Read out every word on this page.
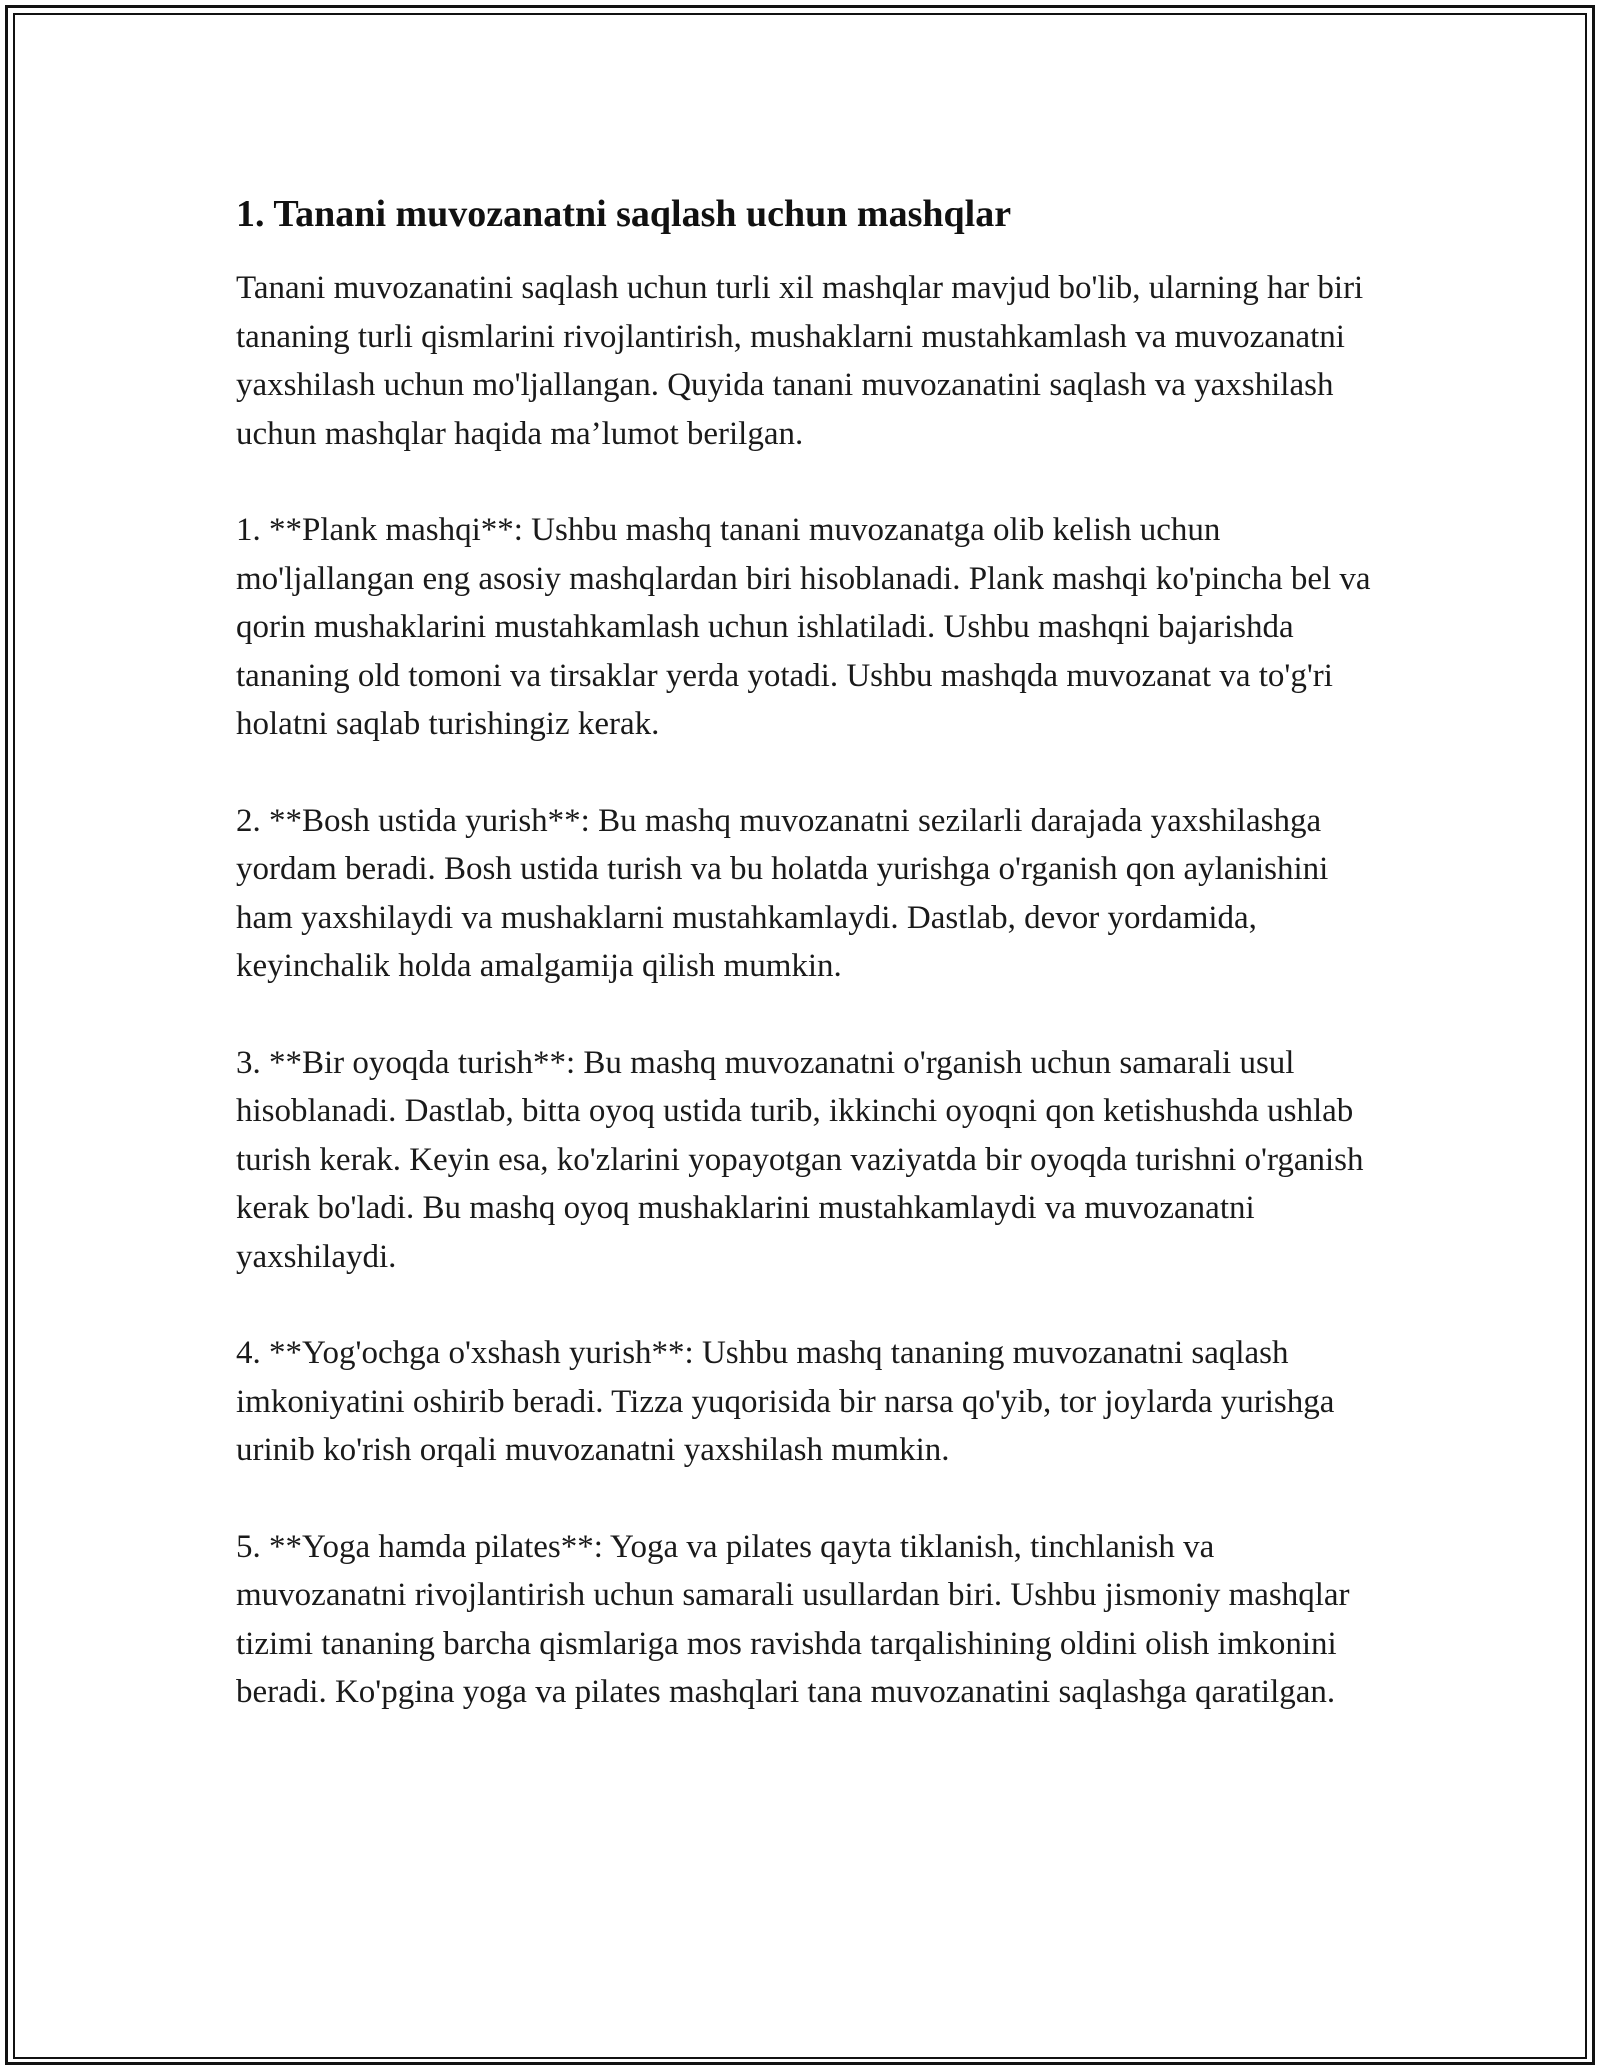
1. Tanani muvozanatni saqlash uchun mashqlar

Tanani muvozanatini saqlash uchun turli xil mashqlar mavjud bo'lib, ularning har biri tananing turli qismlarini rivojlantirish, mushaklarni mustahkamlash va muvozanatni yaxshilash uchun mo'ljallangan. Quyida tanani muvozanatini saqlash va yaxshilash uchun mashqlar haqida ma’lumot berilgan.

1. **Plank mashqi**: Ushbu mashq tanani muvozanatga olib kelish uchun mo'ljallangan eng asosiy mashqlardan biri hisoblanadi. Plank mashqi ko'pincha bel va qorin mushaklarini mustahkamlash uchun ishlatiladi. Ushbu mashqni bajarishda tananing old tomoni va tirsaklar yerda yotadi. Ushbu mashqda muvozanat va to'g'ri holatni saqlab turishingiz kerak.

2. **Bosh ustida yurish**: Bu mashq muvozanatni sezilarli darajada yaxshilashga yordam beradi. Bosh ustida turish va bu holatda yurishga o'rganish qon aylanishini ham yaxshilaydi va mushaklarni mustahkamlaydi. Dastlab, devor yordamida, keyinchalik holda amalgamija qilish mumkin.

3. **Bir oyoqda turish**: Bu mashq muvozanatni o'rganish uchun samarali usul hisoblanadi. Dastlab, bitta oyoq ustida turib, ikkinchi oyoqni qon ketishushda ushlab turish kerak. Keyin esa, ko'zlarini yopayotgan vaziyatda bir oyoqda turishni o'rganish kerak bo'ladi. Bu mashq oyoq mushaklarini mustahkamlaydi va muvozanatni yaxshilaydi.

4. **Yog'ochga o'xshash yurish**: Ushbu mashq tananing muvozanatni saqlash imkoniyatini oshirib beradi. Tizza yuqorisida bir narsa qo'yib, tor joylarda yurishga urinib ko'rish orqali muvozanatni yaxshilash mumkin.

5. **Yoga hamda pilates**: Yoga va pilates qayta tiklanish, tinchlanish va muvozanatni rivojlantirish uchun samarali usullardan biri. Ushbu jismoniy mashqlar tizimi tananing barcha qismlariga mos ravishda tarqalishining oldini olish imkonini beradi. Ko'pgina yoga va pilates mashqlari tana muvozanatini saqlashga qaratilgan.
